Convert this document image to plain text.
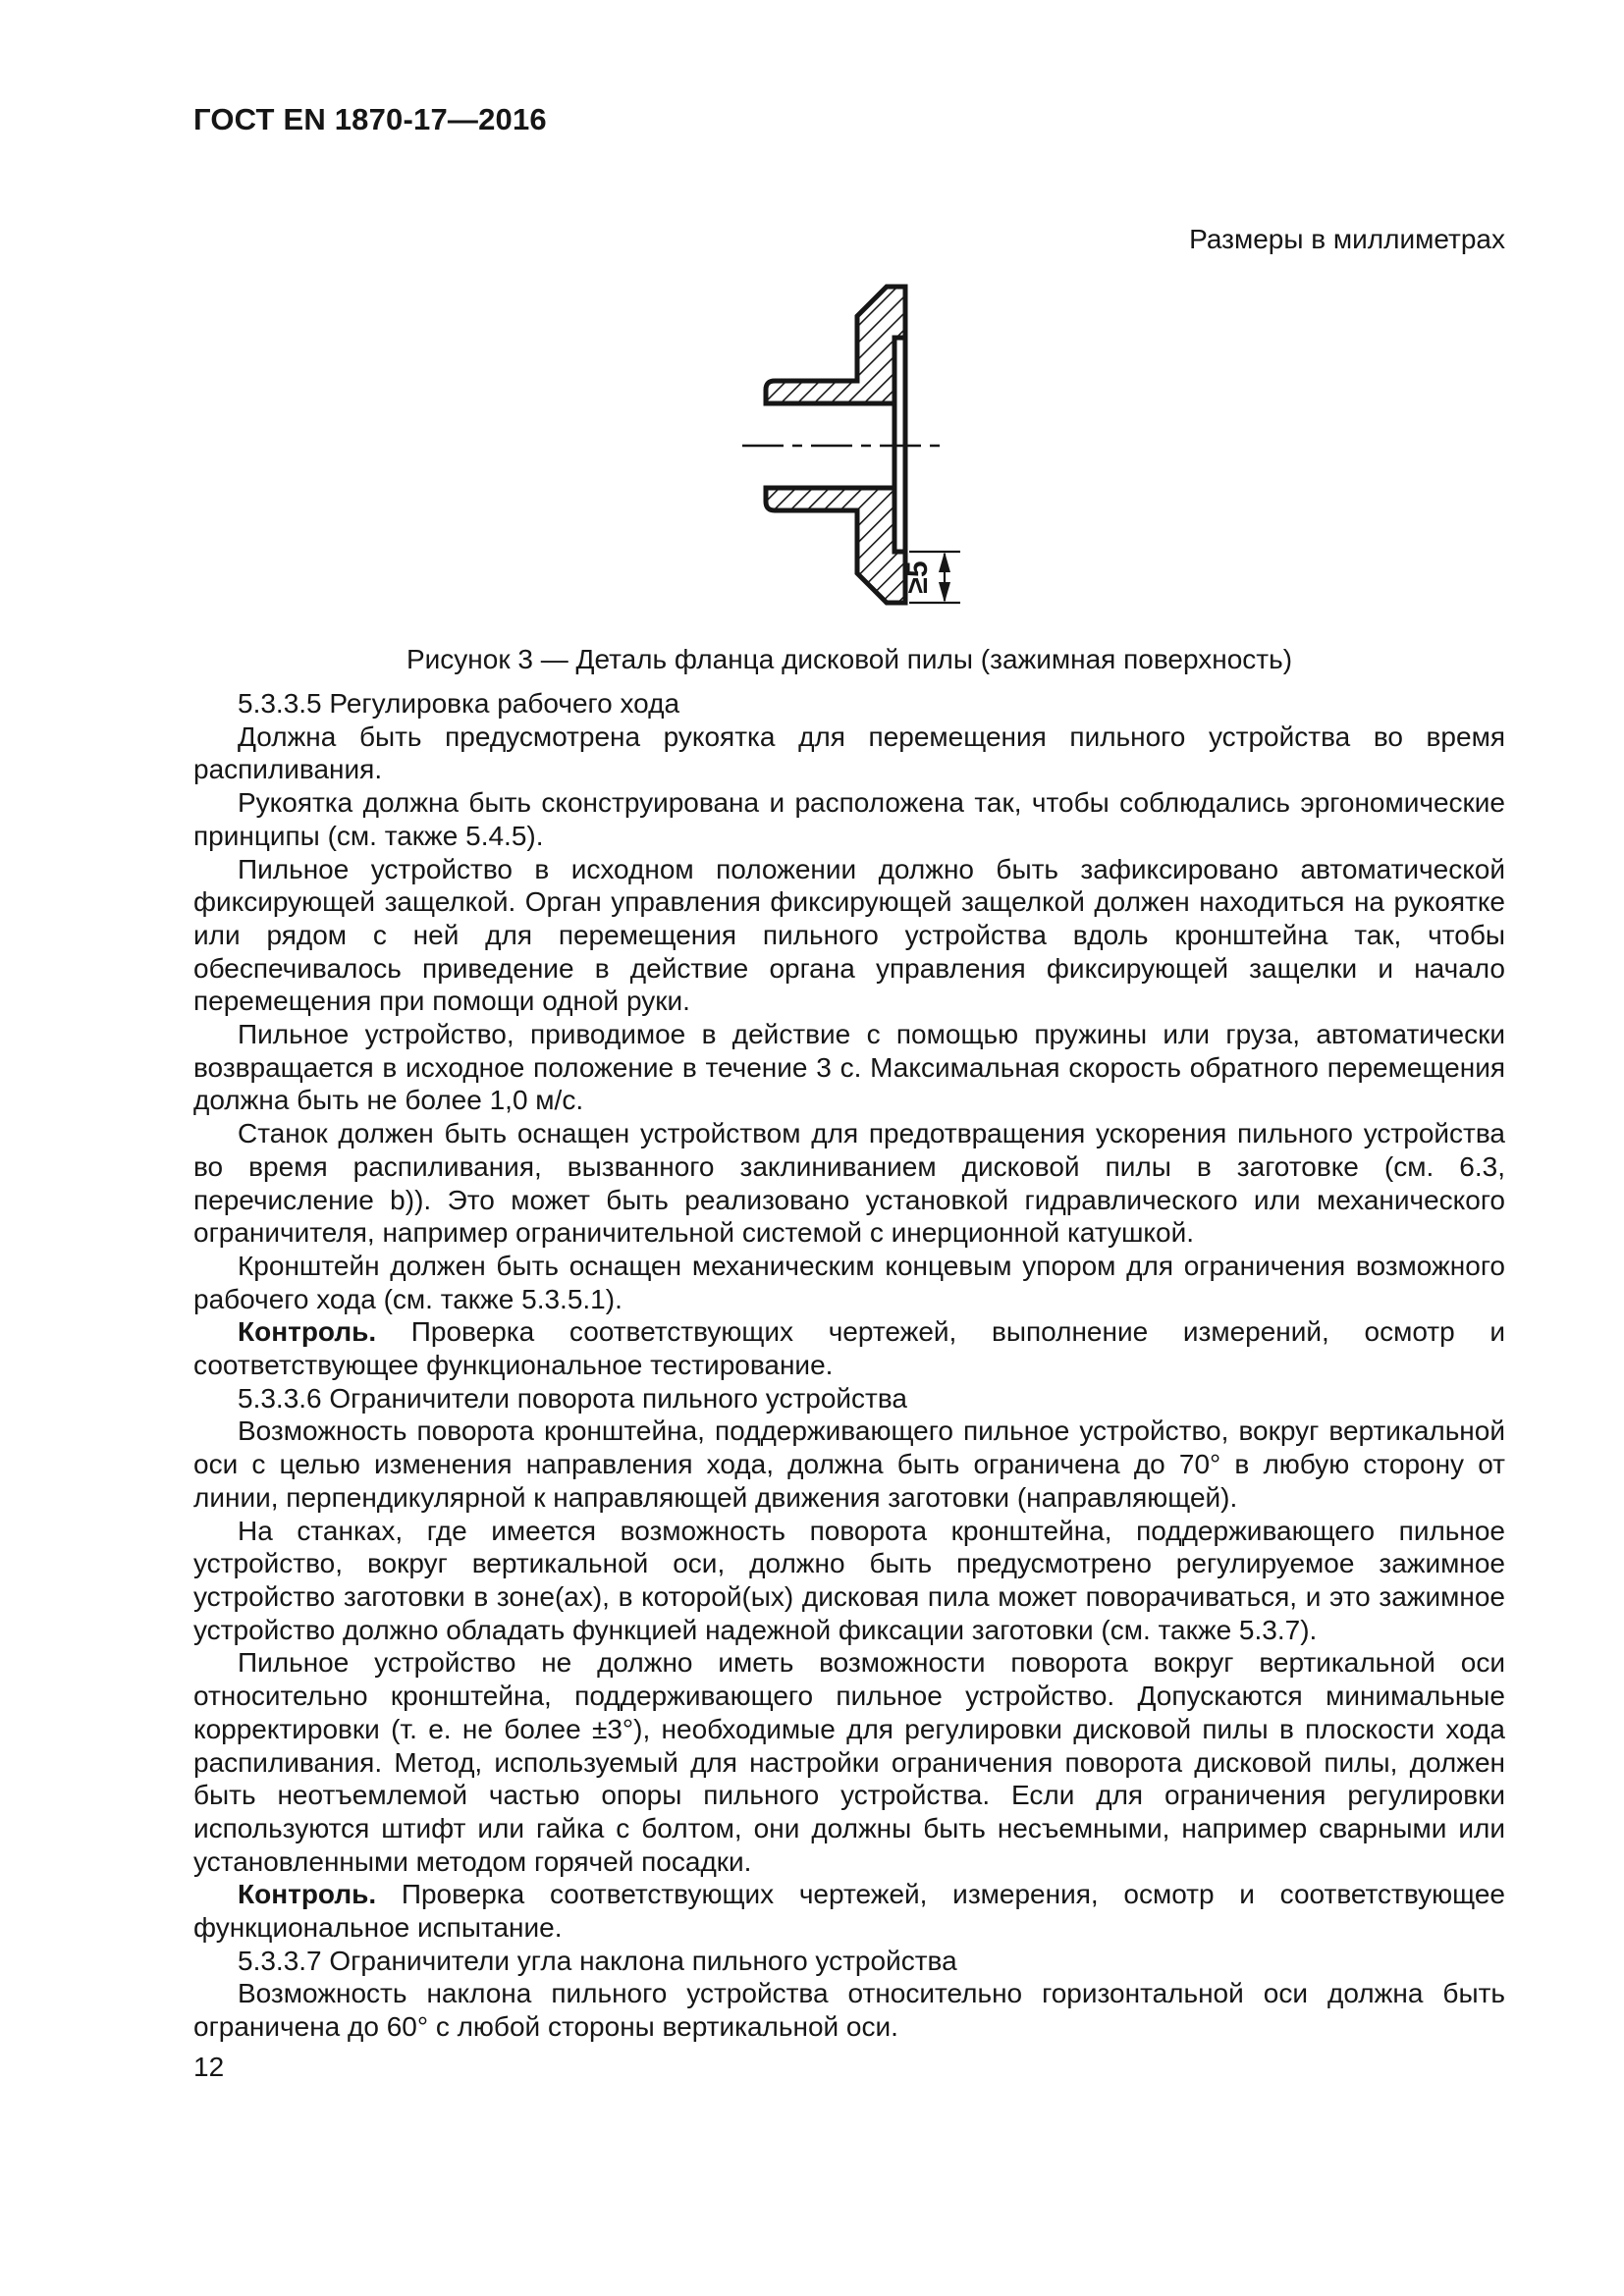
ГОСТ EN 1870-17—2016
Размеры в миллиметрах
≥5
Рисунок 3 — Деталь фланца дисковой пилы (зажимная поверхность)

5.3.3.5 Регулировка рабочего хода

Должна быть предусмотрена рукоятка для перемещения пильного устройства во время распиливания.

Рукоятка должна быть сконструирована и расположена так, чтобы соблюдались эргономические принципы (см. также 5.4.5).

Пильное устройство в исходном положении должно быть зафиксировано автоматической фиксирующей защелкой. Орган управления фиксирующей защелкой должен находиться на рукоятке или рядом с ней для перемещения пильного устройства вдоль кронштейна так, чтобы обеспечивалось приведение в действие органа управления фиксирующей защелки и начало перемещения при помощи одной руки.

Пильное устройство, приводимое в действие с помощью пружины или груза, автоматически возвращается в исходное положение в течение 3 с. Максимальная скорость обратного перемещения должна быть не более 1,0 м/с.

Станок должен быть оснащен устройством для предотвращения ускорения пильного устройства во время распиливания, вызванного заклиниванием дисковой пилы в заготовке (см. 6.3, перечисление b)). Это может быть реализовано установкой гидравлического или механического ограничителя, например ограничительной системой с инерционной катушкой.

Кронштейн должен быть оснащен механическим концевым упором для ограничения возможного рабочего хода (см. также 5.3.5.1).

Контроль. Проверка соответствующих чертежей, выполнение измерений, осмотр и соответствующее функциональное тестирование.

5.3.3.6 Ограничители поворота пильного устройства

Возможность поворота кронштейна, поддерживающего пильное устройство, вокруг вертикальной оси с целью изменения направления хода, должна быть ограничена до 70° в любую сторону от линии, перпендикулярной к направляющей движения заготовки (направляющей).

На станках, где имеется возможность поворота кронштейна, поддерживающего пильное устройство, вокруг вертикальной оси, должно быть предусмотрено регулируемое зажимное устройство заготовки в зоне(ах), в которой(ых) дисковая пила может поворачиваться, и это зажимное устройство должно обладать функцией надежной фиксации заготовки (см. также 5.3.7).

Пильное устройство не должно иметь возможности поворота вокруг вертикальной оси относительно кронштейна, поддерживающего пильное устройство. Допускаются минимальные корректировки (т. е. не более ±3°), необходимые для регулировки дисковой пилы в плоскости хода распиливания. Метод, используемый для настройки ограничения поворота дисковой пилы, должен быть неотъемлемой частью опоры пильного устройства. Если для ограничения регулировки используются штифт или гайка с болтом, они должны быть несъемными, например сварными или установленными методом горячей посадки.

Контроль. Проверка соответствующих чертежей, измерения, осмотр и соответствующее функциональное испытание.

5.3.3.7 Ограничители угла наклона пильного устройства

Возможность наклона пильного устройства относительно горизонтальной оси должна быть ограничена до 60° с любой стороны вертикальной оси.

12
